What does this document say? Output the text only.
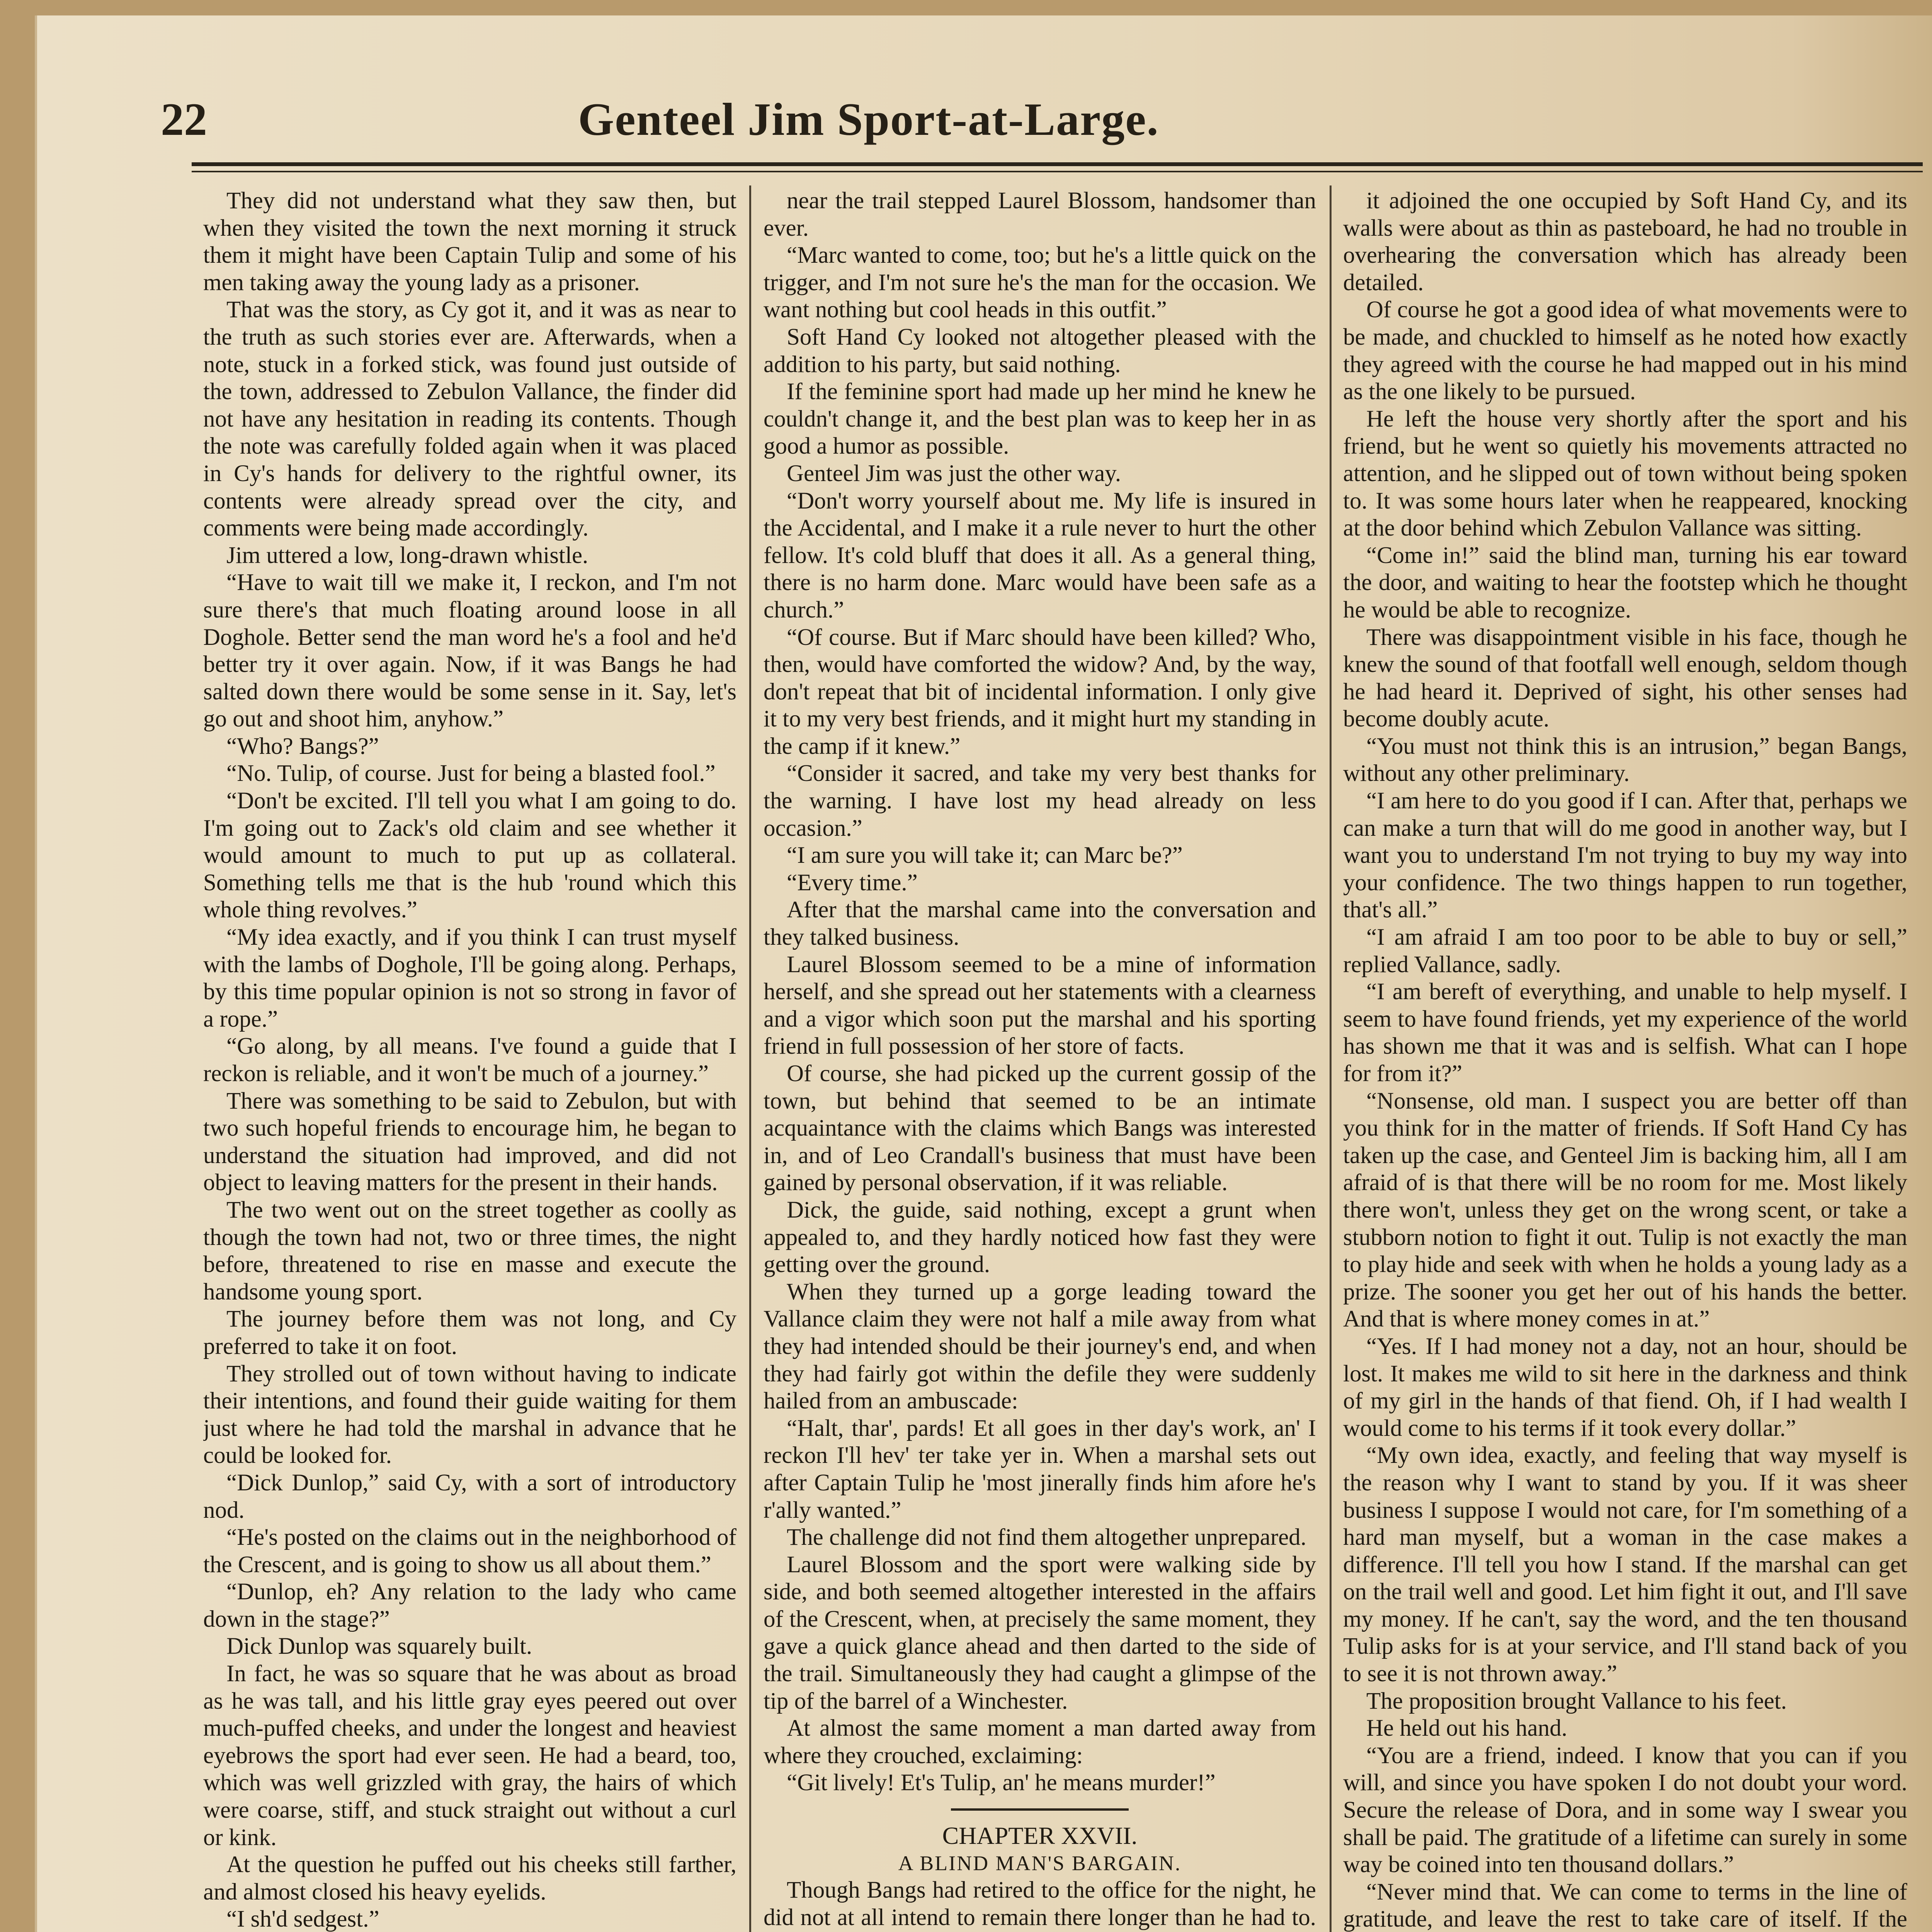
22	Genteel Jim Sport-at-Large.

They did not understand what they saw then, but when they visited the town the next morning it struck them it might have been Captain Tulip and some of his men taking away the young lady as a prisoner.

That was the story, as Cy got it, and it was as near to the truth as such stories ever are. Afterwards, when a note, stuck in a forked stick, was found just outside of the town, addressed to Zebulon Vallance, the finder did not have any hesitation in reading its contents. Though the note was carefully folded again when it was placed in Cy's hands for delivery to the rightful owner, its contents were already spread over the city, and comments were being made accordingly.

Jim uttered a low, long-drawn whistle.

“Have to wait till we make it, I reckon, and I'm not sure there's that much floating around loose in all Doghole. Better send the man word he's a fool and he'd better try it over again. Now, if it was Bangs he had salted down there would be some sense in it. Say, let's go out and shoot him, anyhow.”

“Who? Bangs?”

“No. Tulip, of course. Just for being a blasted fool.”

“Don't be excited. I'll tell you what I am going to do. I'm going out to Zack's old claim and see whether it would amount to much to put up as collateral. Something tells me that is the hub 'round which this whole thing revolves.”

“My idea exactly, and if you think I can trust myself with the lambs of Doghole, I'll be going along. Perhaps, by this time popular opinion is not so strong in favor of a rope.”

“Go along, by all means. I've found a guide that I reckon is reliable, and it won't be much of a journey.”

There was something to be said to Zebulon, but with two such hopeful friends to encourage him, he began to understand the situation had improved, and did not object to leaving matters for the present in their hands.

The two went out on the street together as coolly as though the town had not, two or three times, the night before, threatened to rise en masse and execute the handsome young sport.

The journey before them was not long, and Cy preferred to take it on foot.

They strolled out of town without having to indicate their intentions, and found their guide waiting for them just where he had told the marshal in advance that he could be looked for.

“Dick Dunlop,” said Cy, with a sort of introductory nod.

“He's posted on the claims out in the neighborhood of the Crescent, and is going to show us all about them.”

“Dunlop, eh? Any relation to the lady who came down in the stage?”

Dick Dunlop was squarely built.

In fact, he was so square that he was about as broad as he was tall, and his little gray eyes peered out over much-puffed cheeks, and under the longest and heaviest eyebrows the sport had ever seen. He had a beard, too, which was well grizzled with gray, the hairs of which were coarse, stiff, and stuck straight out without a curl or kink.

At the question he puffed out his cheeks still farther, and almost closed his heavy eyelids.

“I sh'd sedgest.”

near the trail stepped Laurel Blossom, handsomer than ever.

“Marc wanted to come, too; but he's a little quick on the trigger, and I'm not sure he's the man for the occasion. We want nothing but cool heads in this outfit.”

Soft Hand Cy looked not altogether pleased with the addition to his party, but said nothing.

If the feminine sport had made up her mind he knew he couldn't change it, and the best plan was to keep her in as good a humor as possible.

Genteel Jim was just the other way.

“Don't worry yourself about me. My life is insured in the Accidental, and I make it a rule never to hurt the other fellow. It's cold bluff that does it all. As a general thing, there is no harm done. Marc would have been safe as a church.”

“Of course. But if Marc should have been killed? Who, then, would have comforted the widow? And, by the way, don't repeat that bit of incidental information. I only give it to my very best friends, and it might hurt my standing in the camp if it knew.”

“Consider it sacred, and take my very best thanks for the warning. I have lost my head already on less occasion.”

“I am sure you will take it; can Marc be?”

“Every time.”

After that the marshal came into the conversation and they talked business.

Laurel Blossom seemed to be a mine of information herself, and she spread out her statements with a clearness and a vigor which soon put the marshal and his sporting friend in full possession of her store of facts.

Of course, she had picked up the current gossip of the town, but behind that seemed to be an intimate acquaintance with the claims which Bangs was interested in, and of Leo Crandall's business that must have been gained by personal observation, if it was reliable.

Dick, the guide, said nothing, except a grunt when appealed to, and they hardly noticed how fast they were getting over the ground.

When they turned up a gorge leading toward the Vallance claim they were not half a mile away from what they had intended should be their journey's end, and when they had fairly got within the defile they were suddenly hailed from an ambuscade:

“Halt, thar', pards! Et all goes in ther day's work, an' I reckon I'll hev' ter take yer in. When a marshal sets out after Captain Tulip he 'most jinerally finds him afore he's r'ally wanted.”

The challenge did not find them altogether unprepared.

Laurel Blossom and the sport were walking side by side, and both seemed altogether interested in the affairs of the Crescent, when, at precisely the same moment, they gave a quick glance ahead and then darted to the side of the trail. Simultaneously they had caught a glimpse of the tip of the barrel of a Winchester.

At almost the same moment a man darted away from where they crouched, exclaiming:

“Git lively! Et's Tulip, an' he means murder!”

CHAPTER XXVII.

A BLIND MAN'S BARGAIN.

Though Bangs had retired to the office for the night, he did not at all intend to remain there longer than he had to.

it adjoined the one occupied by Soft Hand Cy, and its walls were about as thin as pasteboard, he had no trouble in overhearing the conversation which has already been detailed.

Of course he got a good idea of what movements were to be made, and chuckled to himself as he noted how exactly they agreed with the course he had mapped out in his mind as the one likely to be pursued.

He left the house very shortly after the sport and his friend, but he went so quietly his movements attracted no attention, and he slipped out of town without being spoken to. It was some hours later when he reappeared, knocking at the door behind which Zebulon Vallance was sitting.

“Come in!” said the blind man, turning his ear toward the door, and waiting to hear the footstep which he thought he would be able to recognize.

There was disappointment visible in his face, though he knew the sound of that footfall well enough, seldom though he had heard it. Deprived of sight, his other senses had become doubly acute.

“You must not think this is an intrusion,” began Bangs, without any other preliminary.

“I am here to do you good if I can. After that, perhaps we can make a turn that will do me good in another way, but I want you to understand I'm not trying to buy my way into your confidence. The two things happen to run together, that's all.”

“I am afraid I am too poor to be able to buy or sell,” replied Vallance, sadly.

“I am bereft of everything, and unable to help myself. I seem to have found friends, yet my experience of the world has shown me that it was and is selfish. What can I hope for from it?”

“Nonsense, old man. I suspect you are better off than you think for in the matter of friends. If Soft Hand Cy has taken up the case, and Genteel Jim is backing him, all I am afraid of is that there will be no room for me. Most likely there won't, unless they get on the wrong scent, or take a stubborn notion to fight it out. Tulip is not exactly the man to play hide and seek with when he holds a young lady as a prize. The sooner you get her out of his hands the better. And that is where money comes in at.”

“Yes. If I had money not a day, not an hour, should be lost. It makes me wild to sit here in the darkness and think of my girl in the hands of that fiend. Oh, if I had wealth I would come to his terms if it took every dollar.”

“My own idea, exactly, and feeling that way myself is the reason why I want to stand by you. If it was sheer business I suppose I would not care, for I'm something of a hard man myself, but a woman in the case makes a difference. I'll tell you how I stand. If the marshal can get on the trail well and good. Let him fight it out, and I'll save my money. If he can't, say the word, and the ten thousand Tulip asks for is at your service, and I'll stand back of you to see it is not thrown away.”

The proposition brought Vallance to his feet.

He held out his hand.

“You are a friend, indeed. I know that you can if you will, and since you have spoken I do not doubt your word. Secure the release of Dora, and in some way I swear you shall be paid. The gratitude of a lifetime can surely in some way be coined into ten thousand dollars.”

“Never mind that. We can come to terms in the line of gratitude, and leave the rest to take care of itself. If the
